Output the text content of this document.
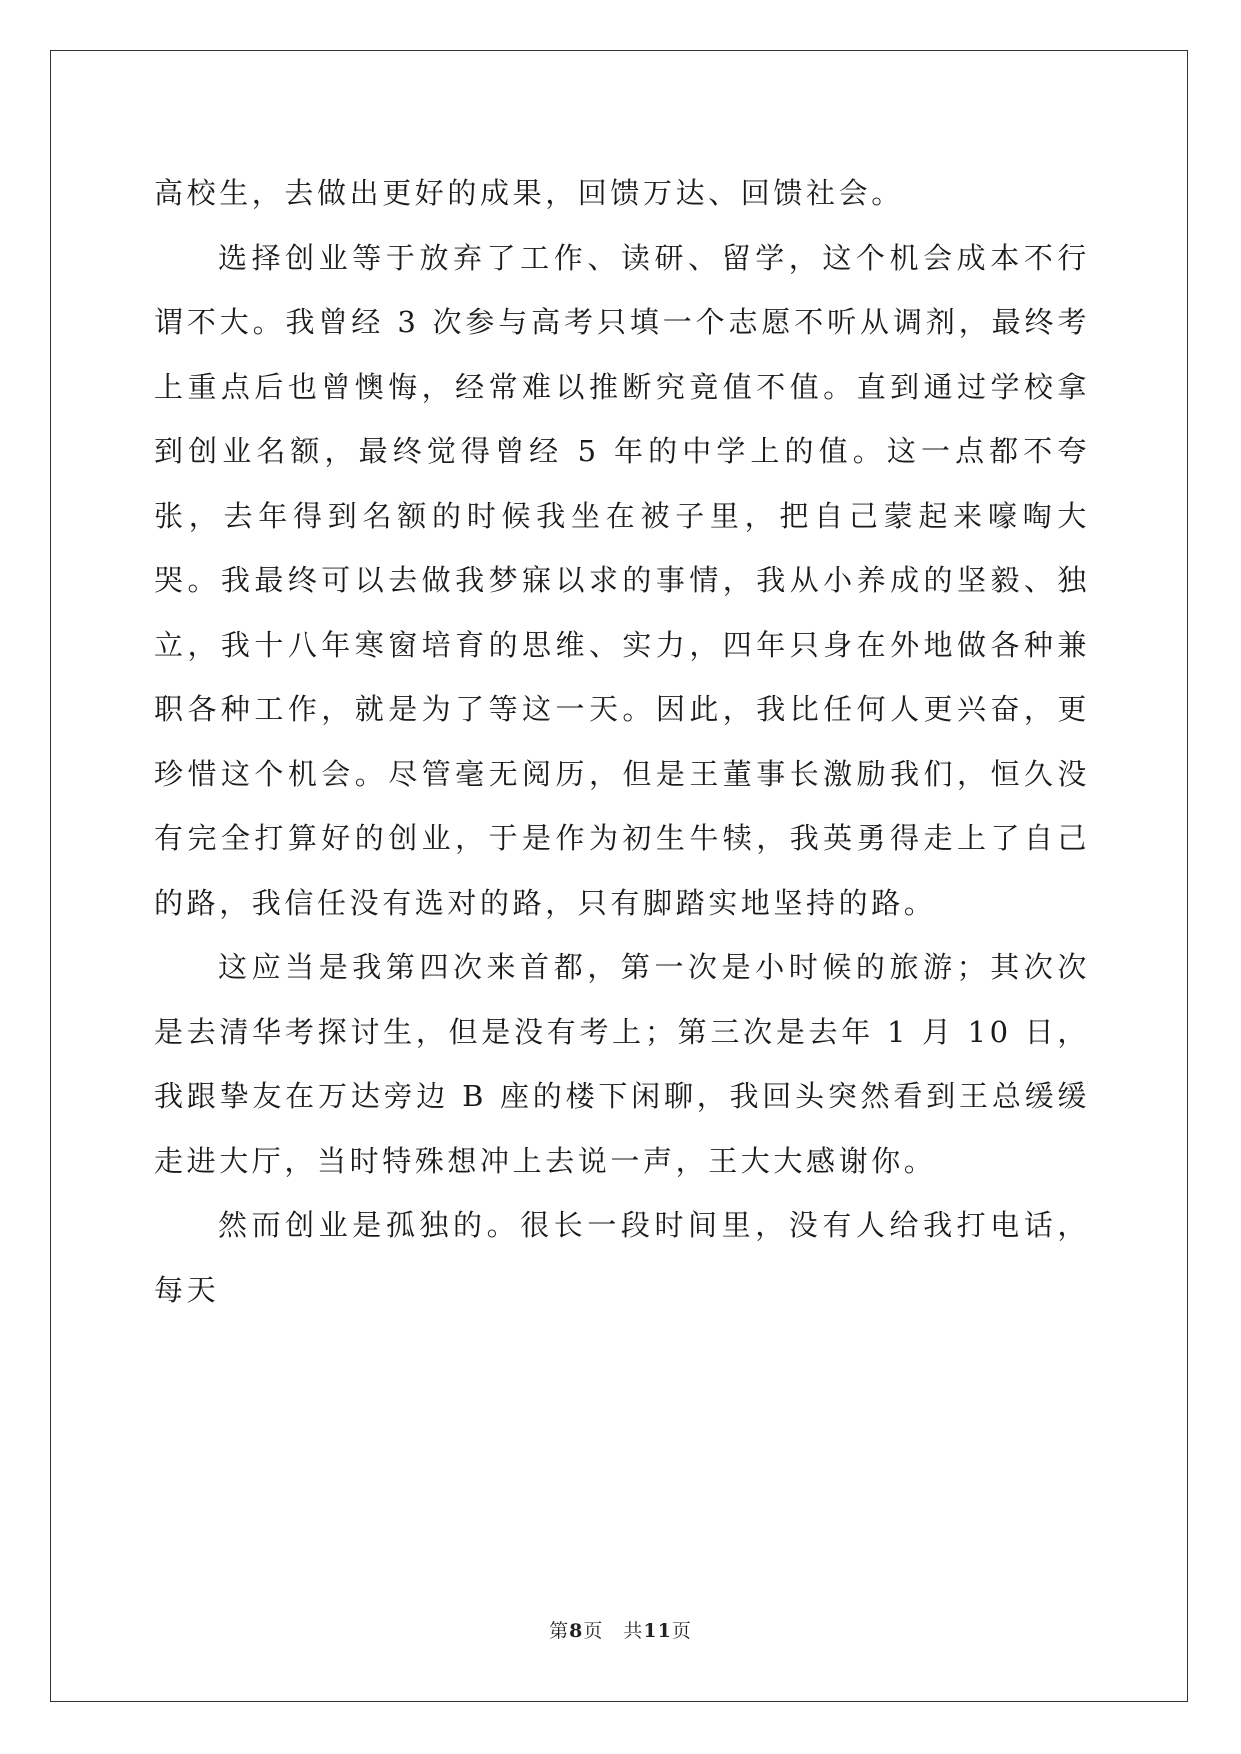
高校生，去做出更好的成果，回馈万达、回馈社会。

选择创业等于放弃了工作、读研、留学，这个机会成本不行谓不大。我曾经 3 次参与高考只填一个志愿不听从调剂，最终考上重点后也曾懊悔，经常难以推断究竟值不值。直到通过学校拿到创业名额，最终觉得曾经 5 年的中学上的值。这一点都不夸张，去年得到名额的时候我坐在被子里，把自己蒙起来嚎啕大哭。我最终可以去做我梦寐以求的事情，我从小养成的坚毅、独立，我十八年寒窗培育的思维、实力，四年只身在外地做各种兼职各种工作，就是为了等这一天。因此，我比任何人更兴奋，更珍惜这个机会。尽管毫无阅历，但是王董事长激励我们，恒久没有完全打算好的创业，于是作为初生牛犊，我英勇得走上了自己的路，我信任没有选对的路，只有脚踏实地坚持的路。

这应当是我第四次来首都，第一次是小时候的旅游；其次次是去清华考探讨生，但是没有考上；第三次是去年 1 月 10 日，我跟挚友在万达旁边 B 座的楼下闲聊，我回头突然看到王总缓缓走进大厅，当时特殊想冲上去说一声，王大大感谢你。

然而创业是孤独的。很长一段时间里，没有人给我打电话，每天

第8页 共11页
